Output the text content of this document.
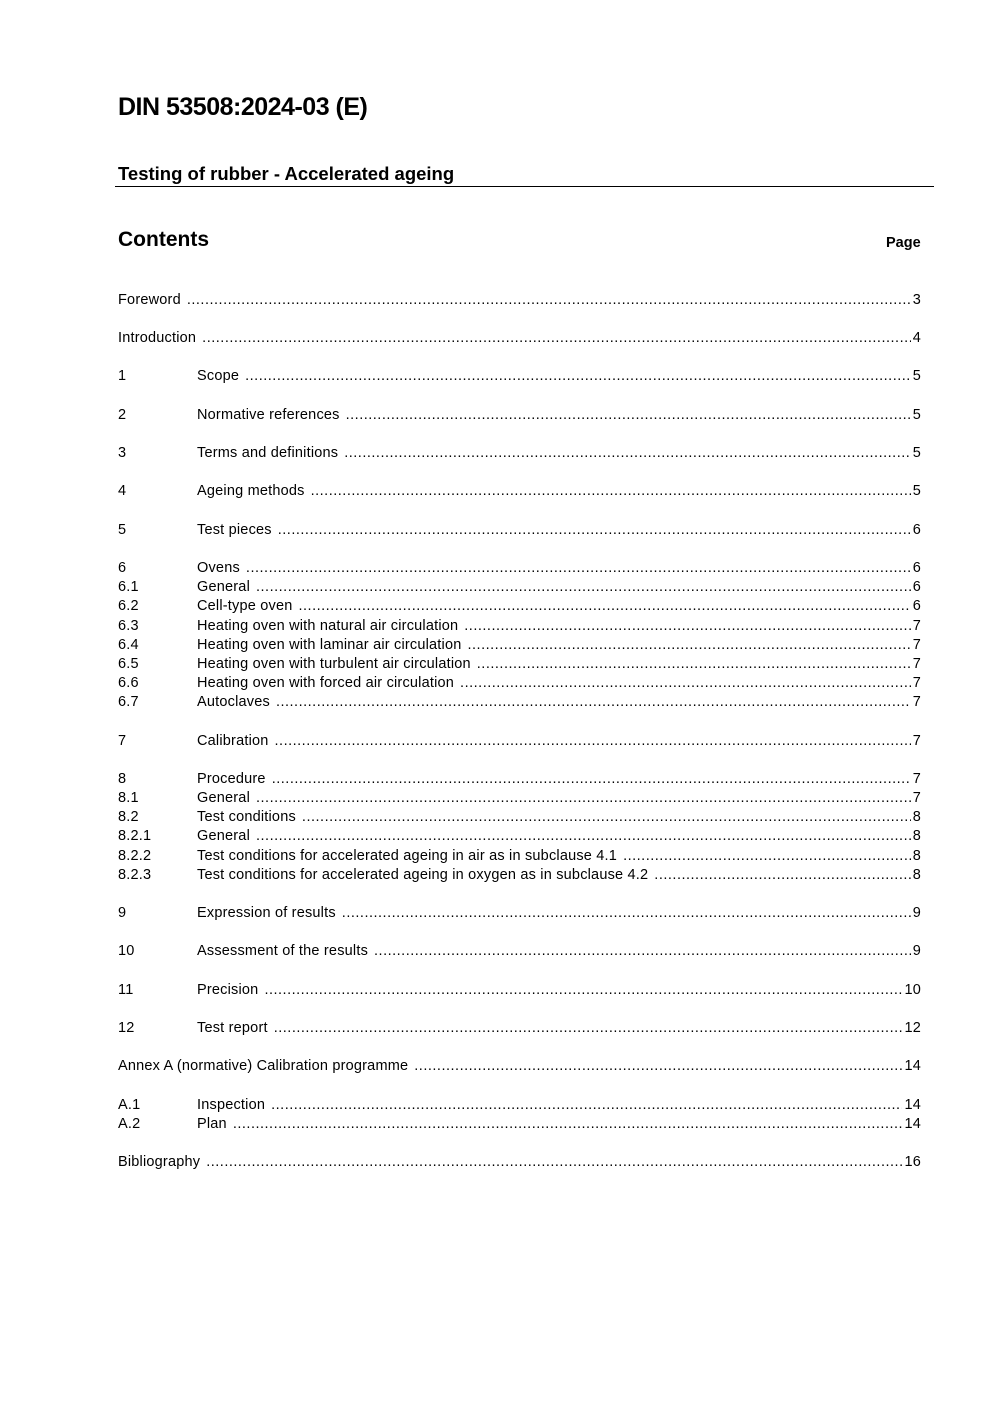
DIN 53508:2024-03 (E)
Testing of rubber - Accelerated ageing
Contents	Page
Foreword .....	3
Introduction .....	4
1	Scope .....	5
2	Normative references .....	5
3	Terms and definitions .....	5
4	Ageing methods .....	5
5	Test pieces .....	6
6	Ovens .....	6
6.1	General .....	6
6.2	Cell-type oven .....	6
6.3	Heating oven with natural air circulation .....	7
6.4	Heating oven with laminar air circulation .....	7
6.5	Heating oven with turbulent air circulation .....	7
6.6	Heating oven with forced air circulation .....	7
6.7	Autoclaves .....	7
7	Calibration .....	7
8	Procedure .....	7
8.1	General .....	7
8.2	Test conditions .....	8
8.2.1	General .....	8
8.2.2	Test conditions for accelerated ageing in air as in subclause 4.1 .....	8
8.2.3	Test conditions for accelerated ageing in oxygen as in subclause 4.2 .....	8
9	Expression of results .....	9
10	Assessment of the results .....	9
11	Precision .....	10
12	Test report .....	12
Annex A (normative) Calibration programme .....	14
A.1	Inspection .....	14
A.2	Plan .....	14
Bibliography .....	16
